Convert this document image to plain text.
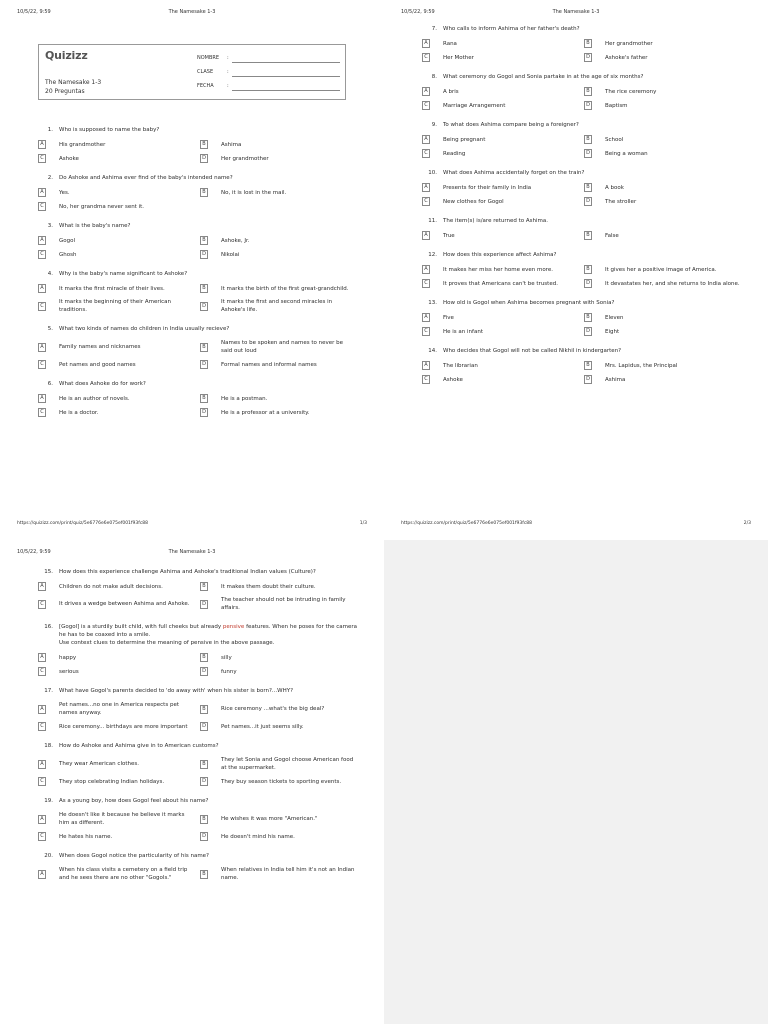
10/5/22, 9:59	The Namesake 1-3
Quizizz
The Namesake 1-3
20 Preguntas
NOMBRE :
CLASE	:
FECHA	:
1.	Who is supposed to name the baby?
A	His grandmother	B	Ashima
C	Ashoke	D	Her grandmother
2.	Do Ashoke and Ashima ever find of the baby's intended name?
A	Yes.	B	No, it is lost in the mail.
C	No, her grandma never sent it.
3.	What is the baby's name?
A	Gogol	B	Ashoke, Jr.
C	Ghosh	D	Nikolai
4.	Why is the baby's name significant to Ashoke?
A	It marks the first miracle of their lives.	B	It marks the birth of the first great-grandchild.
C
It marks the beginning of their American traditions.
D
It marks the first and second miracles in Ashoke's life.
5.	What two kinds of names do children in India usually recieve?
A	Family names and nicknames	B
Names to be spoken and names to never be said out loud
C	Pet names and good names	D	Formal names and informal names
6.	What does Ashoke do for work?
A	He is an author of novels.	B	He is a postman.
C	He is a doctor.	D	He is a professor at a university.
https://quizizz.com/print/quiz/5e6776e6e075ef001f93fc88	1/3
10/5/22, 9:59	The Namesake 1-3
7.	Who calls to inform Ashima of her father's death?
A	Rana	B	Her grandmother
C	Her Mother	D	Ashoke's father
8.	What ceremony do Gogol and Sonia partake in at the age of six months?
A	A bris	B	The rice ceremony
C	Marriage Arrangement	D	Baptism
9.	To what does Ashima compare being a foreigner?
A	Being pregnant	B	School
C	Reading	D	Being a woman
10.	What does Ashima accidentally forget on the train?
A	Presents for their family in India	B	A book
C	New clothes for Gogol	D	The stroller
11.	The item(s) is/are returned to Ashima.
A	True	B	False
12.	How does this experience affect Ashima?
A	It makes her miss her home even more.	B	It gives her a positive image of America.
C	It proves that Americans can't be trusted.	D	It devastates her, and she returns to India alone.
13.	How old is Gogol when Ashima becomes pregnant with Sonia?
A	Five	B	Eleven
C	He is an infant	D	Eight
14.	Who decides that Gogol will not be called Nikhil in kindergarten?
A	The librarian	B	Mrs. Lapidus, the Principal
C	Ashoke	D	Ashima
https://quizizz.com/print/quiz/5e6776e6e075ef001f93fc88	2/3
10/5/22, 9:59	The Namesake 1-3
15.	How does this experience challenge Ashima and Ashoke's traditional Indian values (Culture)?
A	Children do not make adult decisions.	B	It makes them doubt their culture.
C	It drives a wedge between Ashima and Ashoke.	D
The teacher should not be intruding in family affairs.
16.	[Gogol] is a sturdily built child, with full cheeks but already pensive features. When he poses for the camera he has to be coaxed into a smile.
Use context clues to determine the meaning of pensive in the above passage.
A	happy	B	silly
C	serious	D	funny
17.	What have Gogol's parents decided to 'do away with' when his sister is born?...WHY?
A
Pet names...no one in America respects pet names anyway.
B	Rice ceremony ...what's the big deal?
C	Rice ceremony... birthdays are more important	D	Pet names...it just seems silly.
18.	How do Ashoke and Ashima give in to American customs?
A	They wear American clothes.	B
They let Sonia and Gogol choose American food at the supermarket.
C	They stop celebrating Indian holidays.	D	They buy season tickets to sporting events.
19.	As a young boy, how does Gogol feel about his name?
A
He doesn't like it because he believe it marks him as different.
B	He wishes it was more "American."
C	He hates his name.	D	He doesn't mind his name.
20.	When does Gogol notice the particularity of his name?
A
When his class visits a cemetery on a field trip and he sees there are no other "Gogols."
B
When relatives in India tell him it's not an Indian name.
